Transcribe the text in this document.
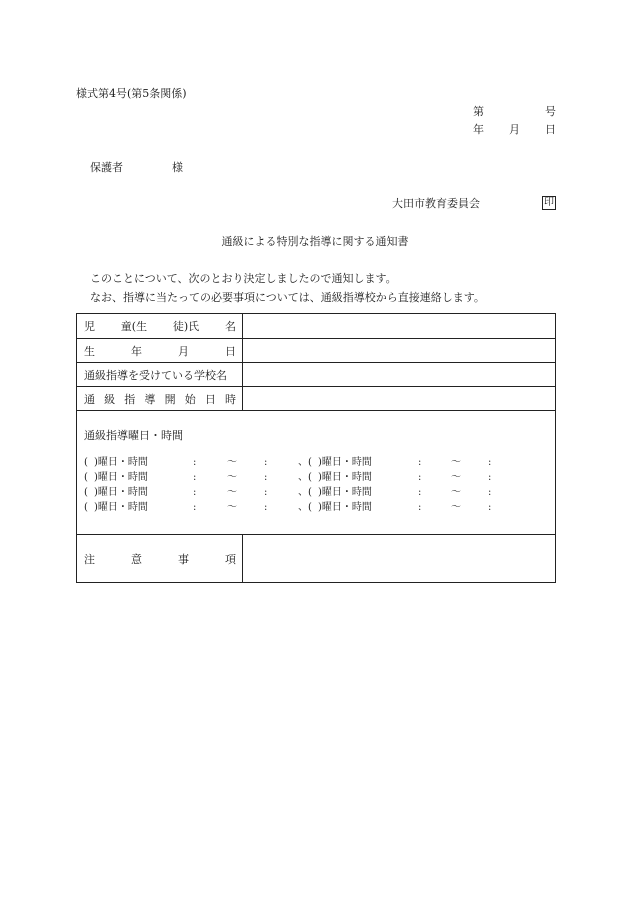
様式第4号(第5条関係)
第	号
年 月 日
保護者	様
大田市教育委員会	印
通級による特別な指導に関する通知書
このことについて、次のとおり決定しましたので通知します。
なお、指導に当たっての必要事項については、通級指導校から直接連絡します。
児 童(生 徒)氏 名
生	年	月	日
通級指導を受けている学校名
通 級 指 導 開 始 日 時
通級指導曜日・時間
( )曜日・時間	:	〜	:	、 ( )曜日・時間	:	〜	:
( )曜日・時間	:	〜	:	、 ( )曜日・時間	:	〜	:
( )曜日・時間	:	〜	:	、 ( )曜日・時間	:	〜	:
( )曜日・時間	:	〜	:	、 ( )曜日・時間	:	〜	:
注	意	事	項
